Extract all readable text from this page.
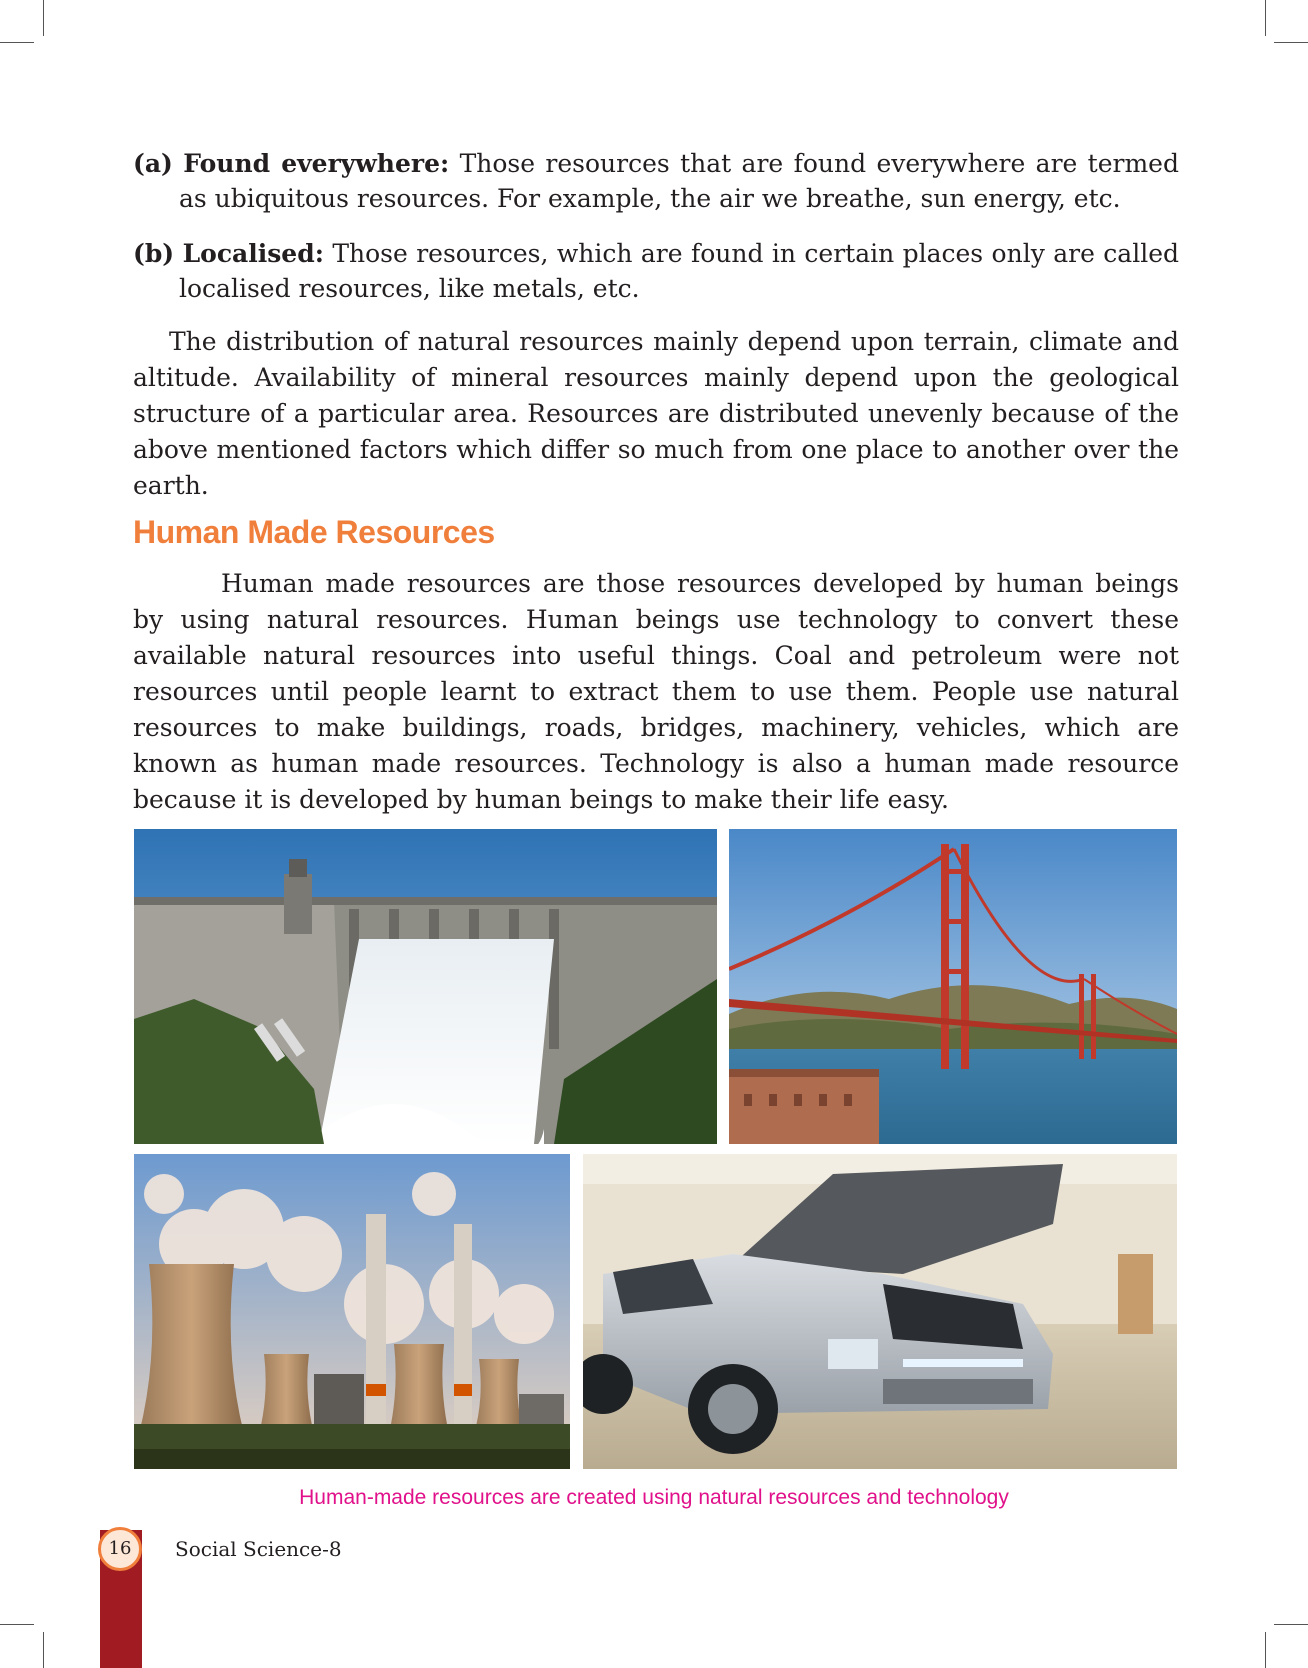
(a) Found everywhere: Those resources that are found everywhere are termed as ubiquitous resources. For example, the air we breathe, sun energy, etc.
(b) Localised: Those resources, which are found in certain places only are called localised resources, like metals, etc.
The distribution of natural resources mainly depend upon terrain, climate and altitude. Availability of mineral resources mainly depend upon the geological structure of a particular area. Resources are distributed unevenly because of the above mentioned factors which differ so much from one place to another over the earth.
Human Made Resources
Human made resources are those resources developed by human beings by using natural resources. Human beings use technology to convert these available natural resources into useful things. Coal and petroleum were not resources until people learnt to extract them to use them. People use natural resources to make buildings, roads, bridges, machinery, vehicles, which are known as human made resources. Technology is also a human made resource because it is developed by human beings to make their life easy.
Human-made resources are created using natural resources and technology
16	Social Science-8
